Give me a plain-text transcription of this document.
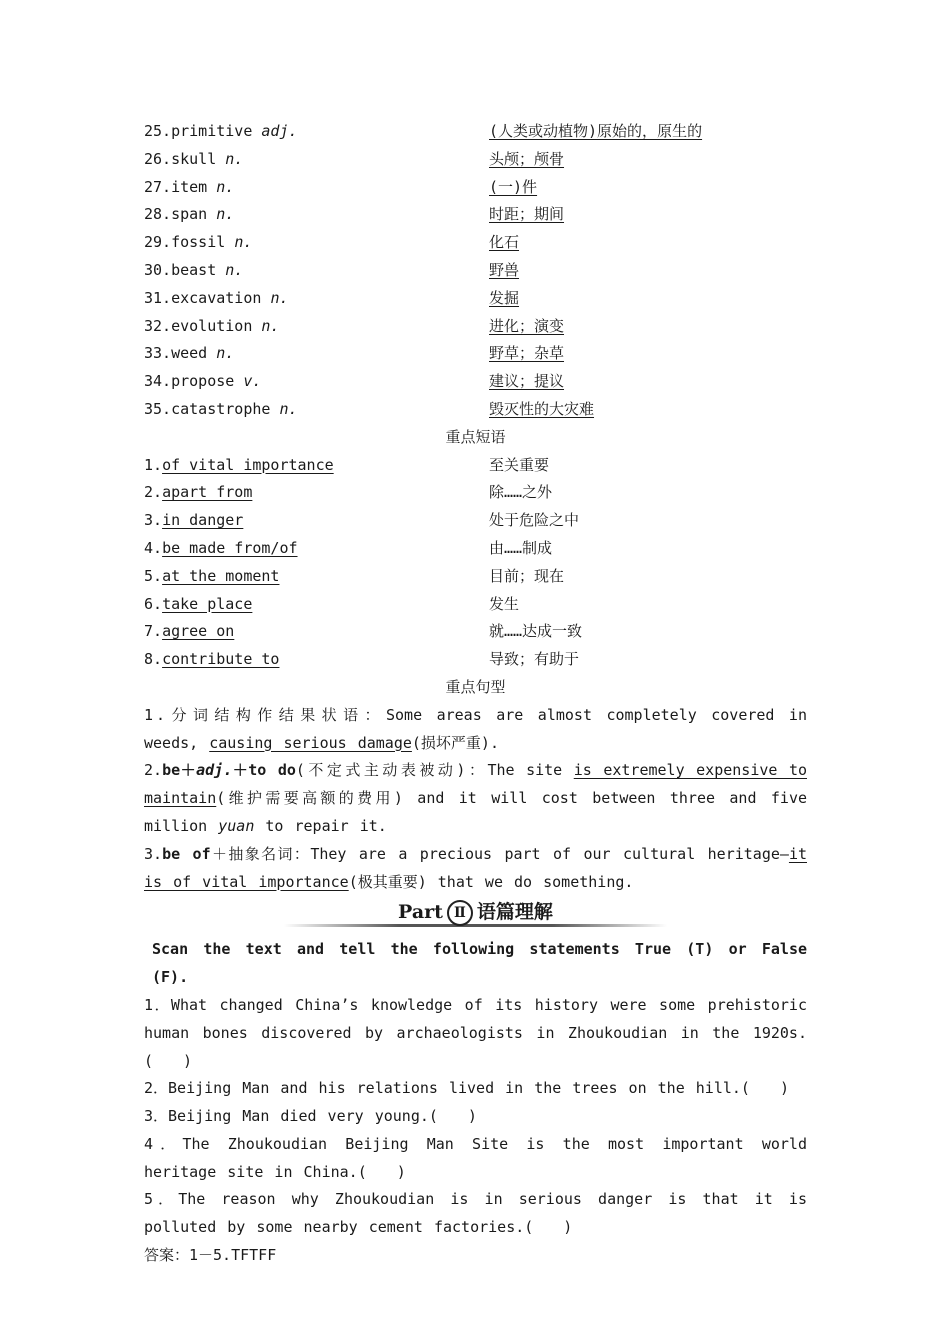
25.primitive adj.	(人类或动植物)原始的，原生的
26.skull n.	头颅；颅骨
27.item n.	(一)件
28.span n.	时距；期间
29.fossil n.	化石
30.beast n.	野兽
31.excavation n.	发掘
32.evolution n.	进化；演变
33.weed n.	野草；杂草
34.propose v.	建议；提议
35.catastrophe n.	毁灭性的大灾难
重点短语
1.of vital importance	至关重要
2.apart from	除……之外
3.in danger	处于危险之中
4.be made from/of	由……制成
5.at the moment	目前；现在
6.take place	发生
7.agree on	就……达成一致
8.contribute to	导致；有助于
重点句型
1.分词结构作结果状语：Some areas are almost completely covered in weeds, causing serious damage(损坏严重).
2.be＋adj.＋to do(不定式主动表被动)：The site is extremely expensive to maintain(维护需要高额的费用) and it will cost between three and five million yuan to repair it.
3.be of＋抽象名词：They are a precious part of our cultural heritage—it is of vital importance(极其重要) that we do something.
Part Ⅱ 语篇理解
Scan the text and tell the following statements True (T) or False (F).
1．What changed China’s knowledge of its history were some prehistoric human bones discovered by archaeologists in Zhoukoudian in the 1920s.(　　)
2．Beijing Man and his relations lived in the trees on the hill.(　　)
3．Beijing Man died very young.(　　)
4．The Zhoukoudian Beijing Man Site is the most important world heritage site in China.(　　)
5．The reason why Zhoukoudian is in serious danger is that it is polluted by some nearby cement factories.(　　)
答案：1－5.TFTFF
